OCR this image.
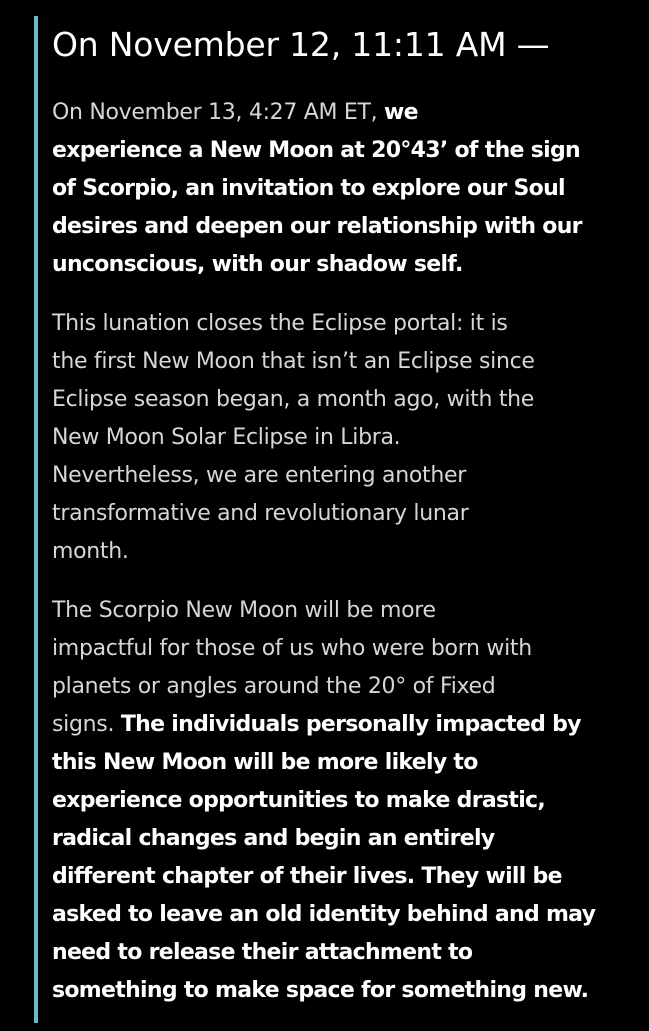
On November 12, 11:11 AM —

On November 13, 4:27 AM ET, we
experience a New Moon at 20°43’ of the sign
of Scorpio, an invitation to explore our Soul
desires and deepen our relationship with our
unconscious, with our shadow self.

This lunation closes the Eclipse portal: it is
the first New Moon that isn’t an Eclipse since
Eclipse season began, a month ago, with the
New Moon Solar Eclipse in Libra.
Nevertheless, we are entering another
transformative and revolutionary lunar
month.

The Scorpio New Moon will be more
impactful for those of us who were born with
planets or angles around the 20° of Fixed
signs. The individuals personally impacted by
this New Moon will be more likely to
experience opportunities to make drastic,
radical changes and begin an entirely
different chapter of their lives. They will be
asked to leave an old identity behind and may
need to release their attachment to
something to make space for something new.
